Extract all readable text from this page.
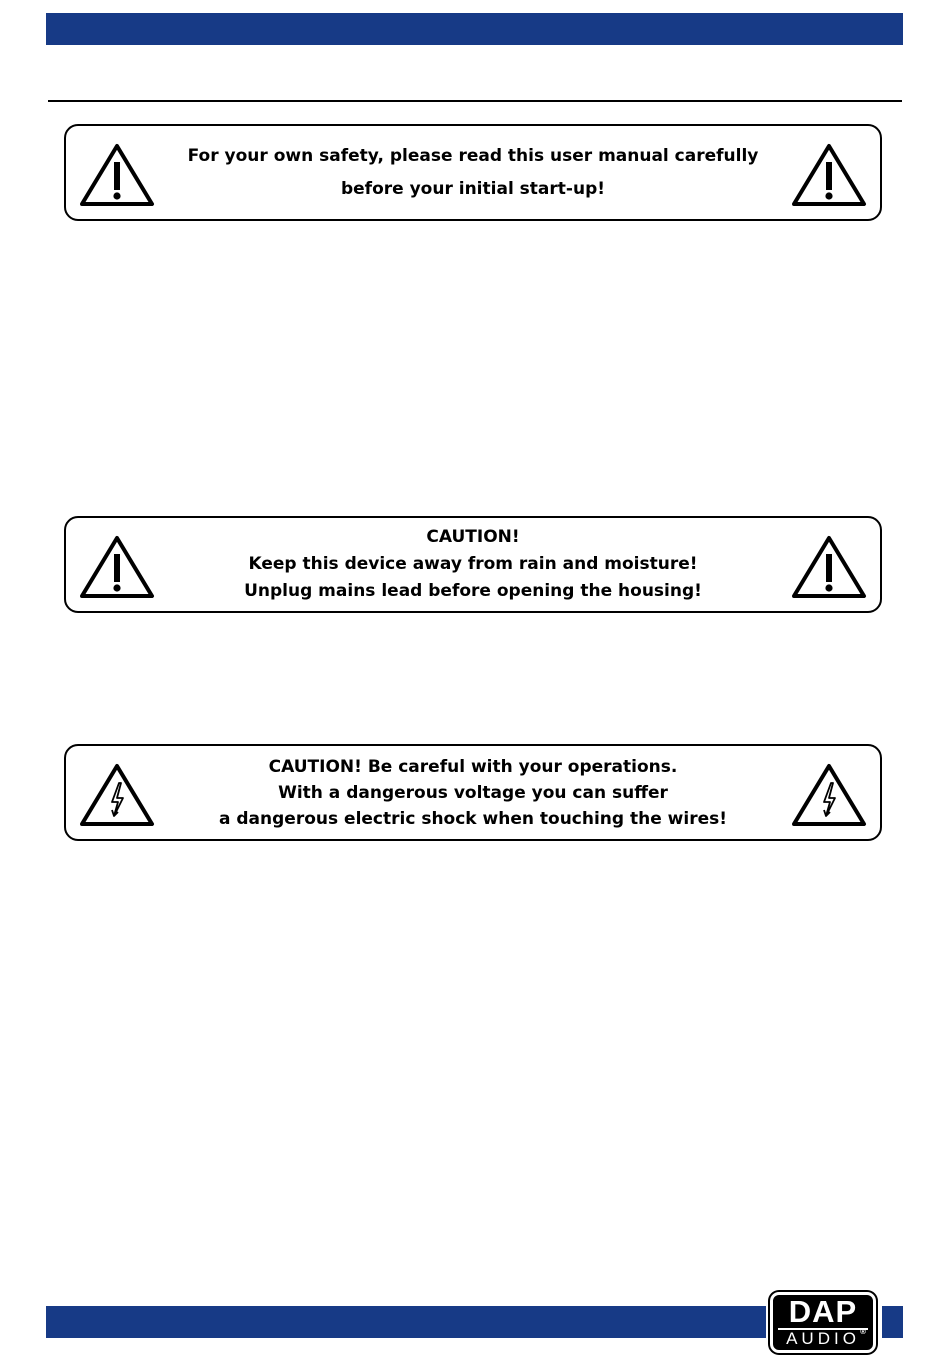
For your own safety, please read this user manual carefully
before your initial start-up!
CAUTION!
Keep this device away from rain and moisture!
Unplug mains lead before opening the housing!
CAUTION! Be careful with your operations.
With a dangerous voltage you can suffer
a dangerous electric shock when touching the wires!
DAP
®
AUDIO
